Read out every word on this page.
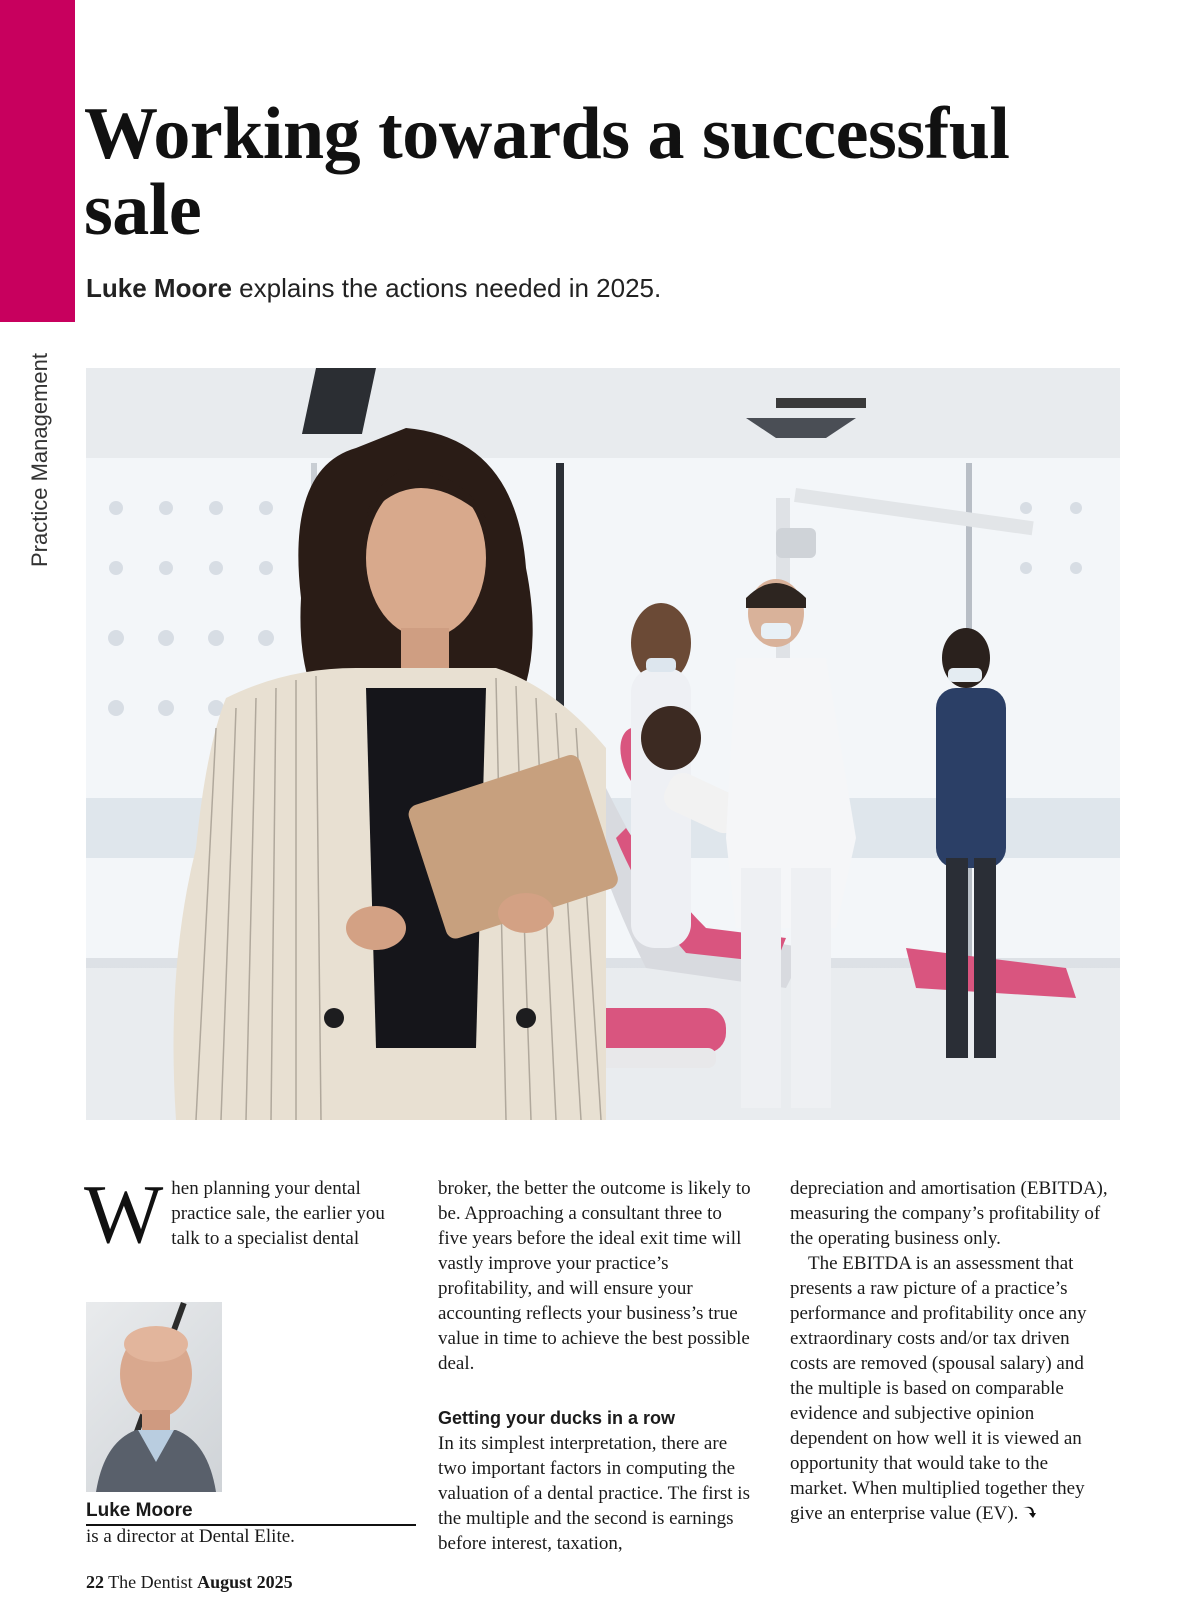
Practice Management
Working towards a successful sale

Luke Moore explains the actions needed in 2025.

When planning your dental practice sale, the earlier you talk to a specialist dental

Luke Moore
is a director at Dental Elite.

broker, the better the outcome is likely to be. Approaching a consultant three to five years before the ideal exit time will vastly improve your practice’s profitability, and will ensure your accounting reflects your business’s true value in time to achieve the best possible deal.

Getting your ducks in a row

In its simplest interpretation, there are two important factors in computing the valuation of a dental practice. The first is the multiple and the second is earnings before interest, taxation,

depreciation and amortisation (EBITDA), measuring the company’s profitability of the operating business only.

The EBITDA is an assessment that presents a raw picture of a practice’s performance and profitability once any extraordinary costs and/or tax driven costs are removed (spousal salary) and the multiple is based on comparable evidence and subjective opinion dependent on how well it is viewed an opportunity that would take to the market. When multiplied together they give an enterprise value (EV).

22 The Dentist August 2025
